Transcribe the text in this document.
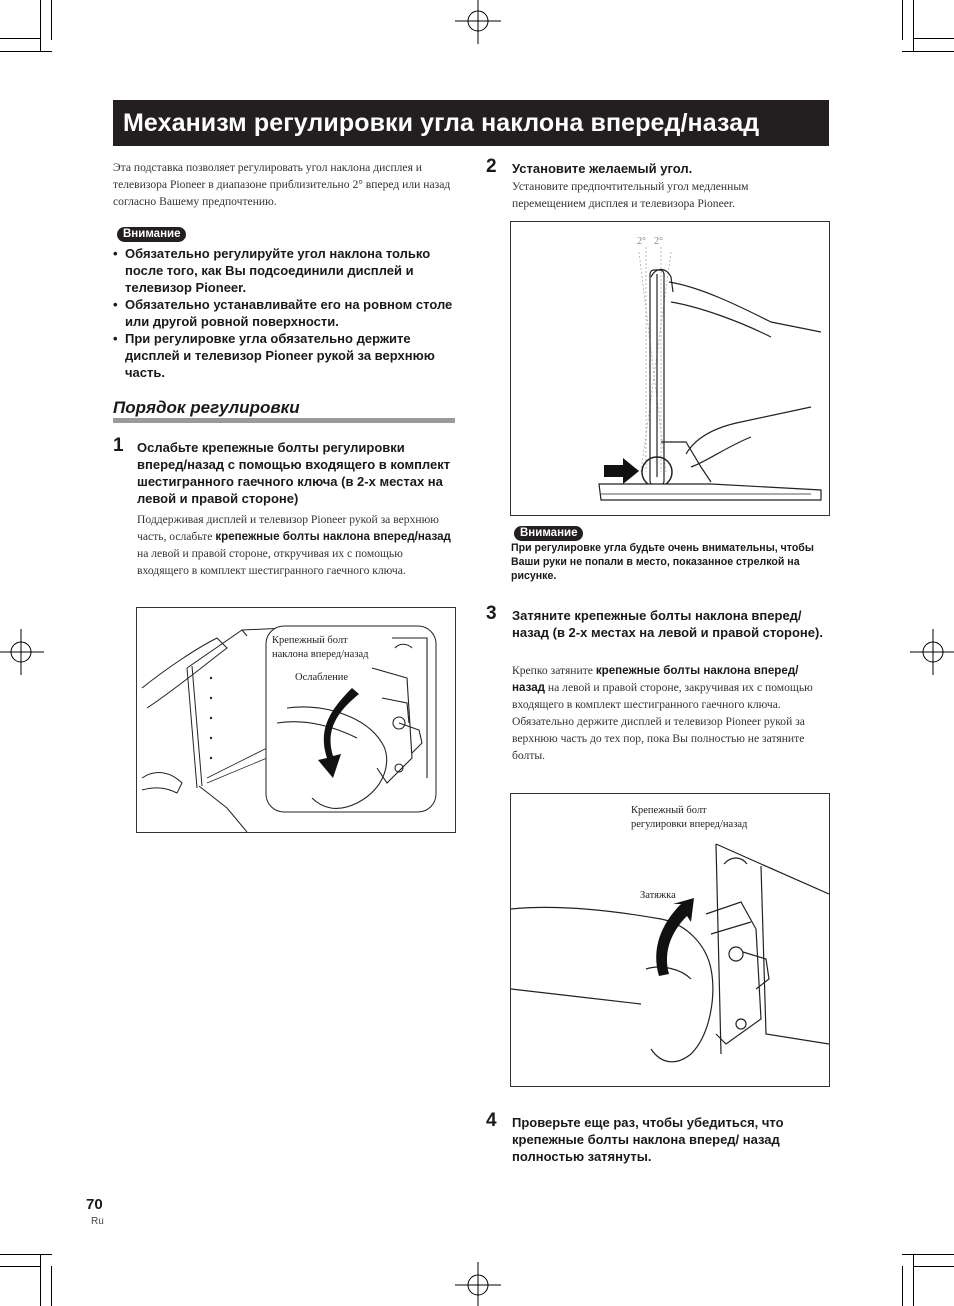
Механизм регулировки угла наклона вперед/назад
Эта подставка позволяет регулировать угол наклона дисплея и телевизора Pioneer в диапазоне приблизительно 2° вперед или назад согласно Вашему предпочтению.
Внимание
• Обязательно регулируйте угол наклона только после того, как Вы подсоединили дисплей и телевизор Pioneer.
• Обязательно устанавливайте его на ровном столе или другой ровной поверхности.
• При регулировке угла обязательно держите дисплей и телевизор Pioneer рукой за верхнюю часть.
Порядок регулировки
1 Ослабьте крепежные болты регулировки вперед/назад с помощью входящего в комплект шестигранного гаечного ключа (в 2-х местах на левой и правой стороне)
Поддерживая дисплей и телевизор Pioneer рукой за верхнюю часть, ослабьте крепежные болты наклона вперед/назад на левой и правой стороне, откручивая их с помощью входящего в комплект шестигранного гаечного ключа.
Крепежный болт
наклона вперед/назад
Ослабление
2 Установите желаемый угол.
Установите предпочтительный угол медленным перемещением дисплея и телевизора Pioneer.
2° 2°
Внимание
При регулировке угла будьте очень внимательны, чтобы Ваши руки не попали в место, показанное стрелкой на рисунке.
3 Затяните крепежные болты наклона вперед/ назад (в 2-х местах на левой и правой стороне).
Крепко затяните крепежные болты наклона вперед/назад на левой и правой стороне, закручивая их с помощью входящего в комплект шестигранного гаечного ключа.
Обязательно держите дисплей и телевизор Pioneer рукой за верхнюю часть до тех пор, пока Вы полностью не затяните болты.
Крепежный болт
регулировки вперед/назад
Затяжка
4 Проверьте еще раз, чтобы убедиться, что крепежные болты наклона вперед/ назад полностью затянуты.
70
Ru
